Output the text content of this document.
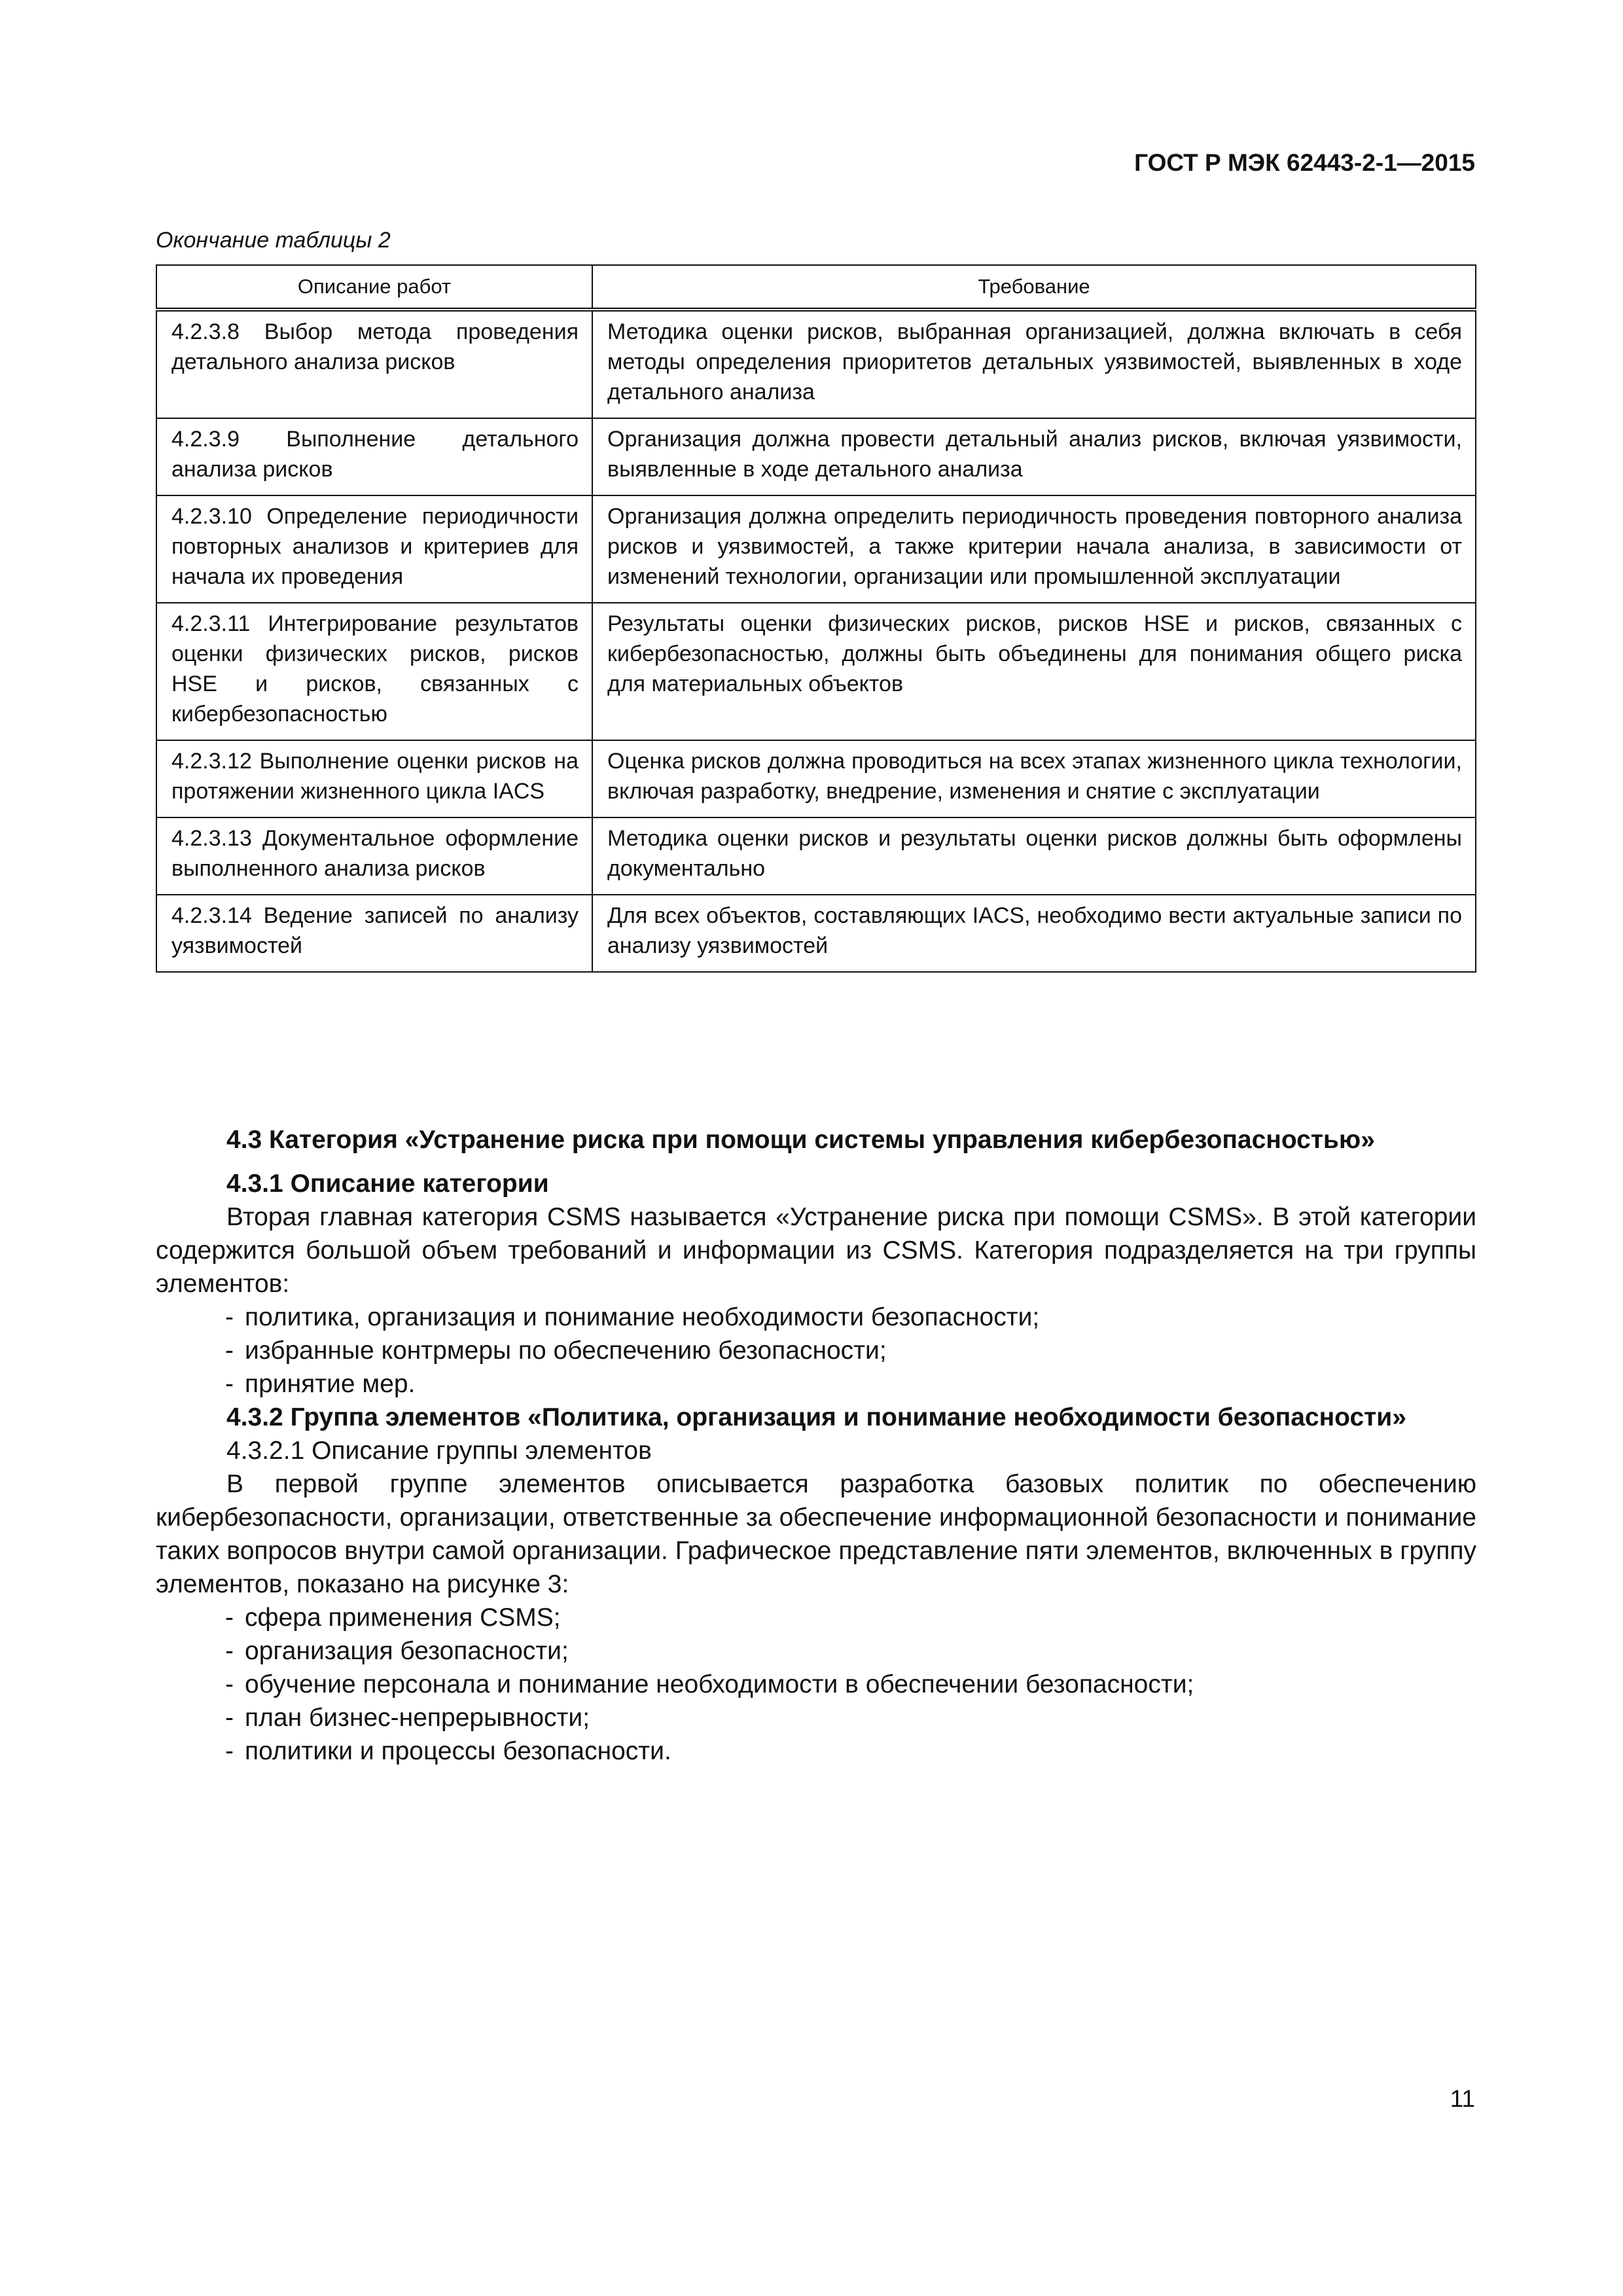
ГОСТ Р МЭК 62443-2-1—2015
Окончание таблицы 2
Описание работ	Требование
4.2.3.8 Выбор метода проведения детального анализа рисков	Методика оценки рисков, выбранная организацией, должна включать в себя методы определения приоритетов детальных уязвимостей, выявленных в ходе детального анализа
4.2.3.9 Выполнение детального анализа рисков	Организация должна провести детальный анализ рисков, включая уязвимости, выявленные в ходе детального анализа
4.2.3.10 Определение периодичности повторных анализов и критериев для начала их проведения	Организация должна определить периодичность проведения повторного анализа рисков и уязвимостей, а также критерии начала анализа, в зависимости от изменений технологии, организации или промышленной эксплуатации
4.2.3.11 Интегрирование результатов оценки физических рисков, рисков HSE и рисков, связанных с кибербезопасностью	Результаты оценки физических рисков, рисков HSE и рисков, связанных с кибербезопасностью, должны быть объединены для понимания общего риска для материальных объектов
4.2.3.12 Выполнение оценки рисков на протяжении жизненного цикла IACS	Оценка рисков должна проводиться на всех этапах жизненного цикла технологии, включая разработку, внедрение, изменения и снятие с эксплуатации
4.2.3.13 Документальное оформление выполненного анализа рисков	Методика оценки рисков и результаты оценки рисков должны быть оформлены документально
4.2.3.14 Ведение записей по анализу уязвимостей	Для всех объектов, составляющих IACS, необходимо вести актуальные записи по анализу уязвимостей

4.3 Категория «Устранение риска при помощи системы управления кибербезопасностью»

4.3.1 Описание категории

Вторая главная категория CSMS называется «Устранение риска при помощи CSMS». В этой категории содержится большой объем требований и информации из CSMS. Категория подразделяется на три группы элементов:

- политика, организация и понимание необходимости безопасности;
- избранные контрмеры по обеспечению безопасности;
- принятие мер.

4.3.2 Группа элементов «Политика, организация и понимание необходимости безопасности»

4.3.2.1 Описание группы элементов

В первой группе элементов описывается разработка базовых политик по обеспечению кибербезопасности, организации, ответственные за обеспечение информационной безопасности и понимание таких вопросов внутри самой организации. Графическое представление пяти элементов, включенных в группу элементов, показано на рисунке 3:

- сфера применения CSMS;
- организация безопасности;
- обучение персонала и понимание необходимости в обеспечении безопасности;
- план бизнес-непрерывности;
- политики и процессы безопасности.
11
